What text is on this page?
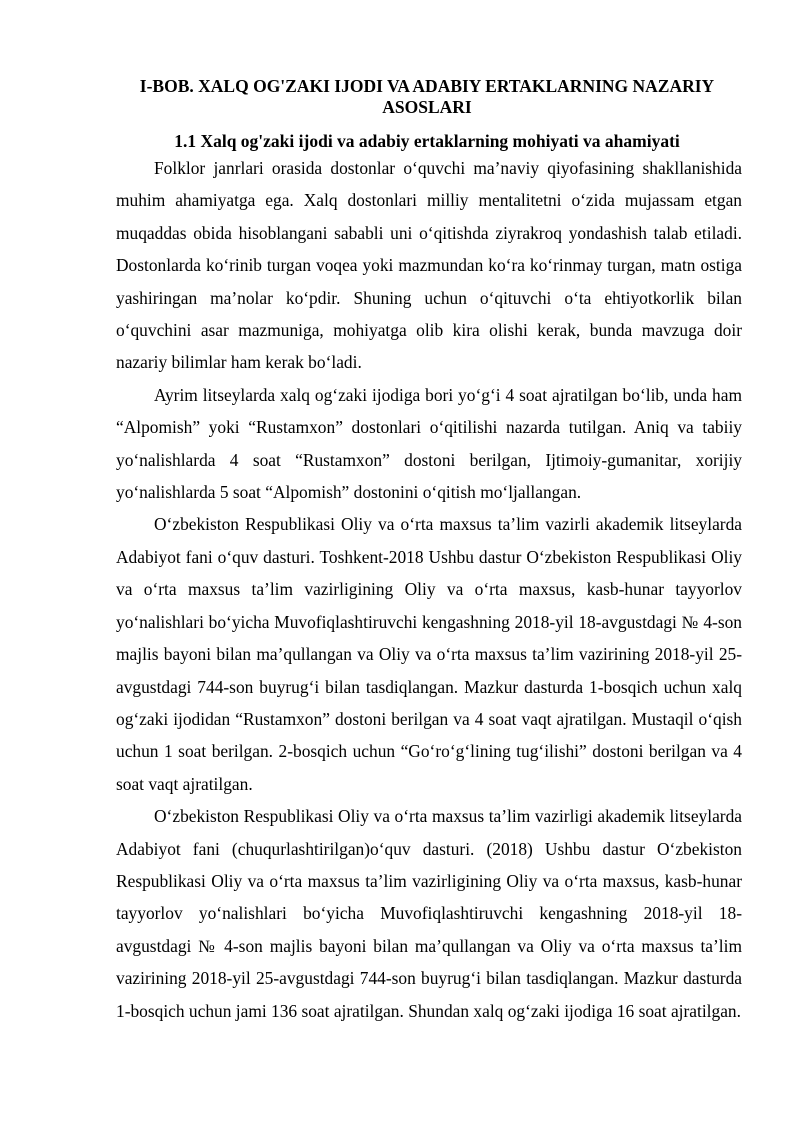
I-BOB. XALQ OG'ZAKI IJODI VA ADABIY ERTAKLARNING NAZARIY ASOSLARI
1.1 Xalq og'zaki ijodi va adabiy ertaklarning mohiyati va ahamiyati

Folklor janrlari orasida dostonlar o‘quvchi ma’naviy qiyofasining shakllanishida muhim ahamiyatga ega. Xalq dostonlari milliy mentalitetni o‘zida mujassam etgan muqaddas obida hisoblangani sababli uni o‘qitishda ziyrakroq yondashish talab etiladi. Dostonlarda ko‘rinib turgan voqea yoki mazmundan ko‘ra ko‘rinmay turgan, matn ostiga yashiringan ma’nolar ko‘pdir. Shuning uchun o‘qituvchi o‘ta ehtiyotkorlik bilan o‘quvchini asar mazmuniga, mohiyatga olib kira olishi kerak, bunda mavzuga doir nazariy bilimlar ham kerak bo‘ladi.

Ayrim litseylarda xalq og‘zaki ijodiga bori yo‘g‘i 4 soat ajratilgan bo‘lib, unda ham “Alpomish” yoki “Rustamxon” dostonlari o‘qitilishi nazarda tutilgan. Aniq va tabiiy yo‘nalishlarda 4 soat “Rustamxon” dostoni berilgan, Ijtimoiy-gumanitar, xorijiy yo‘nalishlarda 5 soat “Alpomish” dostonini o‘qitish mo‘ljallangan.

O‘zbekiston Respublikasi Oliy va o‘rta maxsus ta’lim vazirli akademik litseylarda Adabiyot fani o‘quv dasturi. Toshkent-2018 Ushbu dastur O‘zbekiston Respublikasi Oliy va o‘rta maxsus ta’lim vazirligining Oliy va o‘rta maxsus, kasb-hunar tayyorlov yo‘nalishlari bo‘yicha Muvofiqlashtiruvchi kengashning 2018-yil 18-avgustdagi № 4-son majlis bayoni bilan ma’qullangan va Oliy va o‘rta maxsus ta’lim vazirining 2018-yil 25-avgustdagi 744-son buyrug‘i bilan tasdiqlangan. Mazkur dasturda 1-bosqich uchun xalq og‘zaki ijodidan “Rustamxon” dostoni berilgan va 4 soat vaqt ajratilgan. Mustaqil o‘qish uchun 1 soat berilgan. 2-bosqich uchun “Go‘ro‘g‘lining tug‘ilishi” dostoni berilgan va 4 soat vaqt ajratilgan.

O‘zbekiston Respublikasi Oliy va o‘rta maxsus ta’lim vazirligi akademik litseylarda Adabiyot fani (chuqurlashtirilgan)o‘quv dasturi. (2018) Ushbu dastur O‘zbekiston Respublikasi Oliy va o‘rta maxsus ta’lim vazirligining Oliy va o‘rta maxsus, kasb-hunar tayyorlov yo‘nalishlari bo‘yicha Muvofiqlashtiruvchi kengashning 2018-yil 18-avgustdagi № 4-son majlis bayoni bilan ma’qullangan va Oliy va o‘rta maxsus ta’lim vazirining 2018-yil 25-avgustdagi 744-son buyrug‘i bilan tasdiqlangan. Mazkur dasturda 1-bosqich uchun jami 136 soat ajratilgan. Shundan xalq og‘zaki ijodiga 16 soat ajratilgan.
